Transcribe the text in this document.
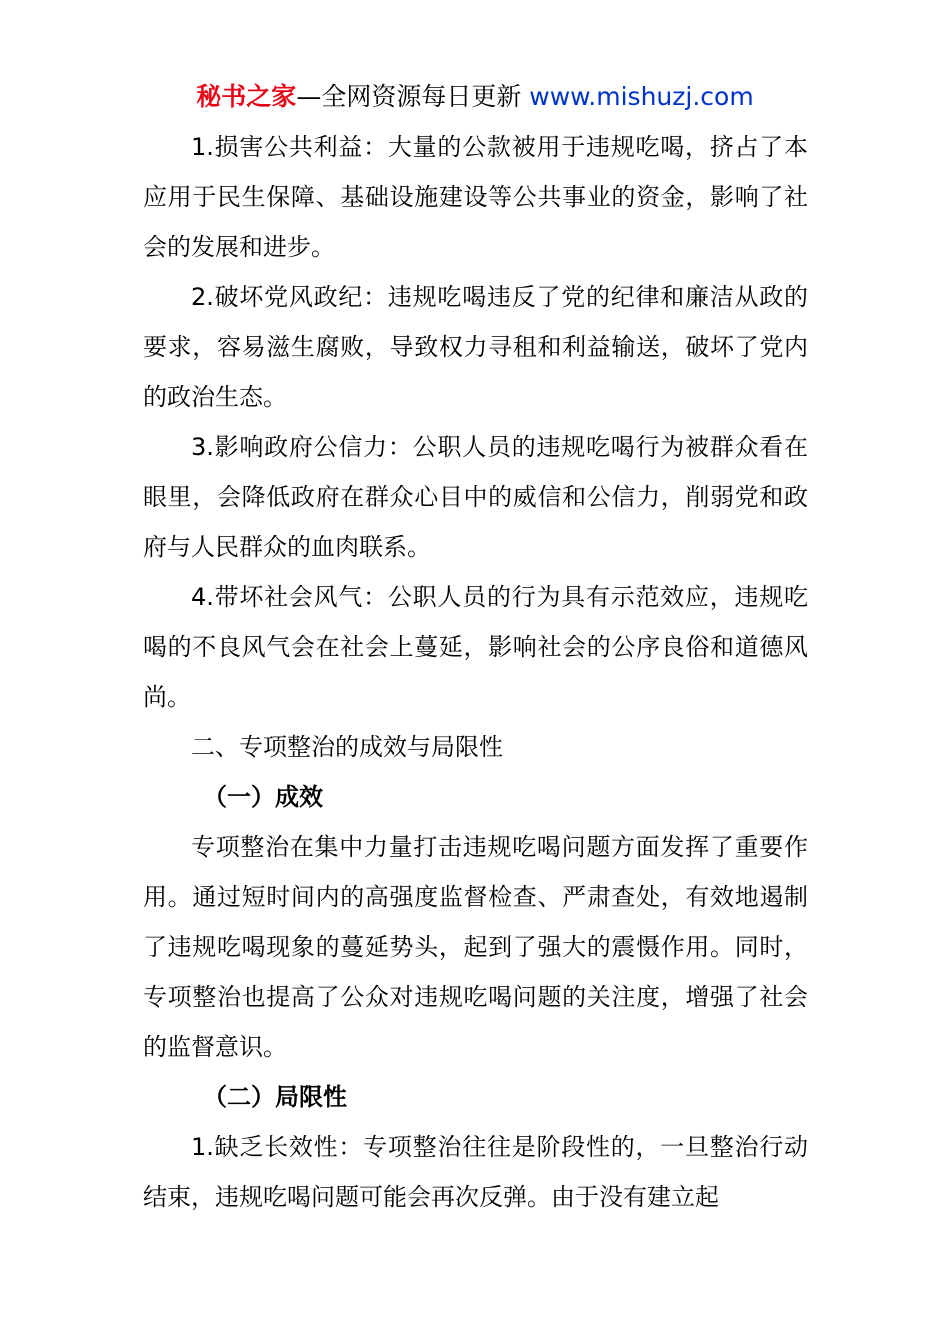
秘书之家—全网资源每日更新 www.mishuzj.com

1.损害公共利益：大量的公款被用于违规吃喝，挤占了本应用于民生保障、基础设施建设等公共事业的资金，影响了社会的发展和进步。

2.破坏党风政纪：违规吃喝违反了党的纪律和廉洁从政的要求，容易滋生腐败，导致权力寻租和利益输送，破坏了党内的政治生态。

3.影响政府公信力：公职人员的违规吃喝行为被群众看在眼里，会降低政府在群众心目中的威信和公信力，削弱党和政府与人民群众的血肉联系。

4.带坏社会风气：公职人员的行为具有示范效应，违规吃喝的不良风气会在社会上蔓延，影响社会的公序良俗和道德风尚。

二、专项整治的成效与局限性

（一）成效

专项整治在集中力量打击违规吃喝问题方面发挥了重要作用。通过短时间内的高强度监督检查、严肃查处，有效地遏制了违规吃喝现象的蔓延势头，起到了强大的震慑作用。同时，专项整治也提高了公众对违规吃喝问题的关注度，增强了社会的监督意识。

（二）局限性

1.缺乏长效性：专项整治往往是阶段性的，一旦整治行动结束，违规吃喝问题可能会再次反弹。由于没有建立起
